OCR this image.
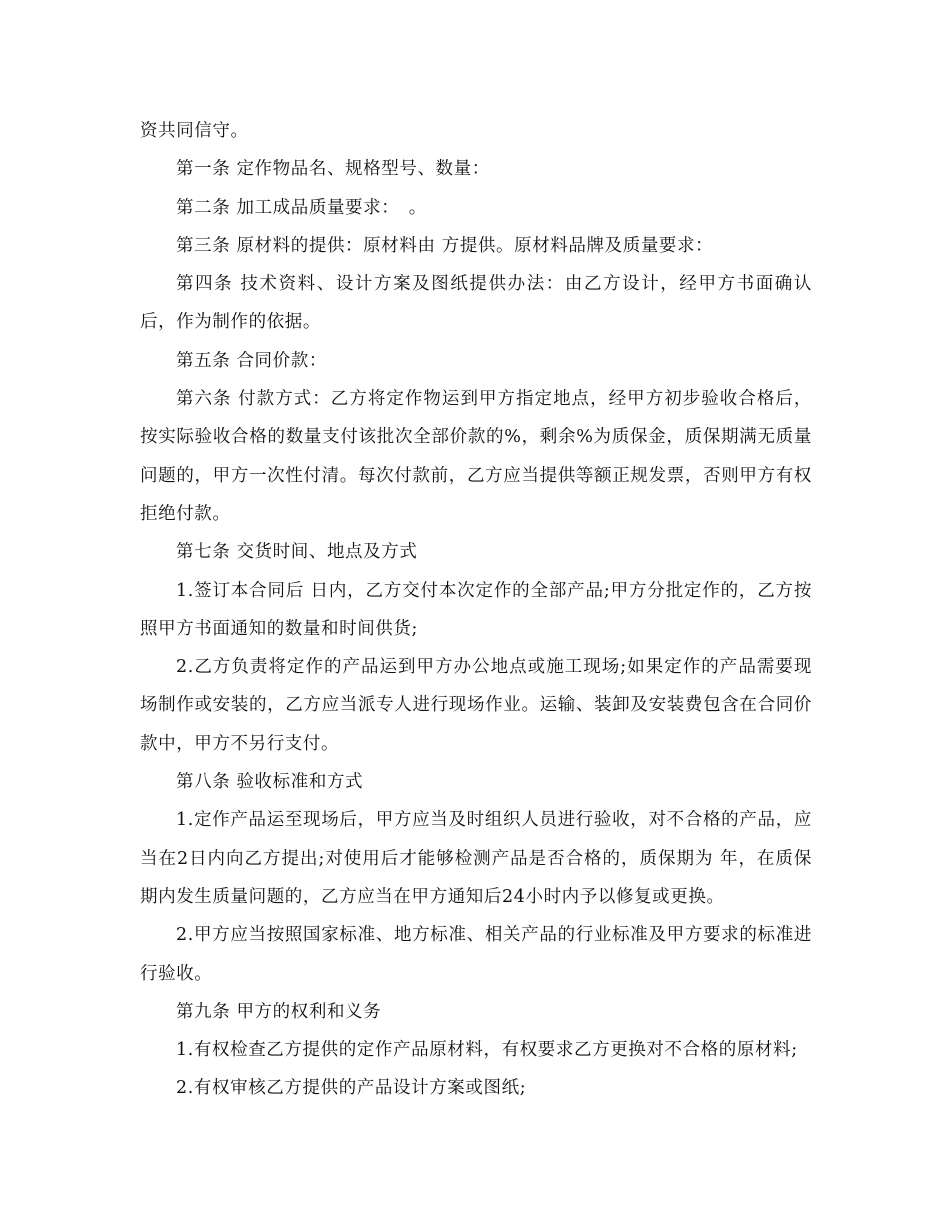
资共同信守。

第一条 定作物品名、规格型号、数量：

第二条 加工成品质量要求：　。

第三条 原材料的提供：原材料由 方提供。原材料品牌及质量要求：

第四条 技术资料、设计方案及图纸提供办法：由乙方设计，经甲方书面确认后，作为制作的依据。

第五条 合同价款：

第六条 付款方式：乙方将定作物运到甲方指定地点，经甲方初步验收合格后，按实际验收合格的数量支付该批次全部价款的%，剩余%为质保金，质保期满无质量问题的，甲方一次性付清。每次付款前，乙方应当提供等额正规发票，否则甲方有权拒绝付款。

第七条 交货时间、地点及方式

1.签订本合同后 日内，乙方交付本次定作的全部产品;甲方分批定作的，乙方按照甲方书面通知的数量和时间供货;

2.乙方负责将定作的产品运到甲方办公地点或施工现场;如果定作的产品需要现场制作或安装的，乙方应当派专人进行现场作业。运输、装卸及安装费包含在合同价款中，甲方不另行支付。

第八条 验收标准和方式

1.定作产品运至现场后，甲方应当及时组织人员进行验收，对不合格的产品，应当在2日内向乙方提出;对使用后才能够检测产品是否合格的，质保期为 年，在质保期内发生质量问题的，乙方应当在甲方通知后24小时内予以修复或更换。

2.甲方应当按照国家标准、地方标准、相关产品的行业标准及甲方要求的标准进行验收。

第九条 甲方的权利和义务

1.有权检查乙方提供的定作产品原材料，有权要求乙方更换对不合格的原材料;

2.有权审核乙方提供的产品设计方案或图纸;
